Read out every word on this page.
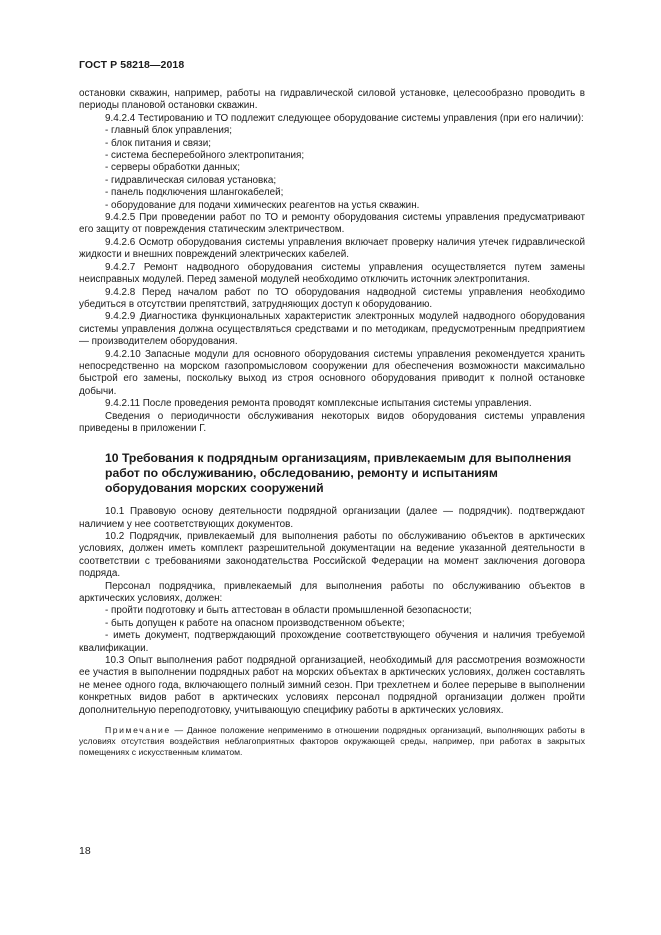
ГОСТ Р 58218—2018

остановки скважин, например, работы на гидравлической силовой установке, целесообразно проводить в периоды плановой остановки скважин.

9.4.2.4 Тестированию и ТО подлежит следующее оборудование системы управления (при его наличии):

- главный блок управления;

- блок питания и связи;

- система бесперебойного электропитания;

- серверы обработки данных;

- гидравлическая силовая установка;

- панель подключения шлангокабелей;

- оборудование для подачи химических реагентов на устья скважин.

9.4.2.5 При проведении работ по ТО и ремонту оборудования системы управления предусматривают его защиту от повреждения статическим электричеством.

9.4.2.6 Осмотр оборудования системы управления включает проверку наличия утечек гидравлической жидкости и внешних повреждений электрических кабелей.

9.4.2.7 Ремонт надводного оборудования системы управления осуществляется путем замены неисправных модулей. Перед заменой модулей необходимо отключить источник электропитания.

9.4.2.8 Перед началом работ по ТО оборудования надводной системы управления необходимо убедиться в отсутствии препятствий, затрудняющих доступ к оборудованию.

9.4.2.9 Диагностика функциональных характеристик электронных модулей надводного оборудования системы управления должна осуществляться средствами и по методикам, предусмотренным предприятием — производителем оборудования.

9.4.2.10 Запасные модули для основного оборудования системы управления рекомендуется хранить непосредственно на морском газопромысловом сооружении для обеспечения возможности максимально быстрой его замены, поскольку выход из строя основного оборудования приводит к полной остановке добычи.

9.4.2.11 После проведения ремонта проводят комплексные испытания системы управления.

Сведения о периодичности обслуживания некоторых видов оборудования системы управления приведены в приложении Г.

10 Требования к подрядным организациям, привлекаемым для выполнения работ по обслуживанию, обследованию, ремонту и испытаниям оборудования морских сооружений

10.1 Правовую основу деятельности подрядной организации (далее — подрядчик). подтверждают наличием у нее соответствующих документов.

10.2 Подрядчик, привлекаемый для выполнения работы по обслуживанию объектов в арктических условиях, должен иметь комплект разрешительной документации на ведение указанной деятельности в соответствии с требованиями законодательства Российской Федерации на момент заключения договора подряда.

Персонал подрядчика, привлекаемый для выполнения работы по обслуживанию объектов в арктических условиях, должен:

- пройти подготовку и быть аттестован в области промышленной безопасности;

- быть допущен к работе на опасном производственном объекте;

- иметь документ, подтверждающий прохождение соответствующего обучения и наличия требуемой квалификации.

10.3 Опыт выполнения работ подрядной организацией, необходимый для рассмотрения возможности ее участия в выполнении подрядных работ на морских объектах в арктических условиях, должен составлять не менее одного года, включающего полный зимний сезон. При трехлетнем и более перерыве в выполнении конкретных видов работ в арктических условиях персонал подрядной организации должен пройти дополнительную переподготовку, учитывающую специфику работы в арктических условиях.

Примечание — Данное положение неприменимо в отношении подрядных организаций, выполняющих работы в условиях отсутствия воздействия неблагоприятных факторов окружающей среды, например, при работах в закрытых помещениях с искусственным климатом.

18
